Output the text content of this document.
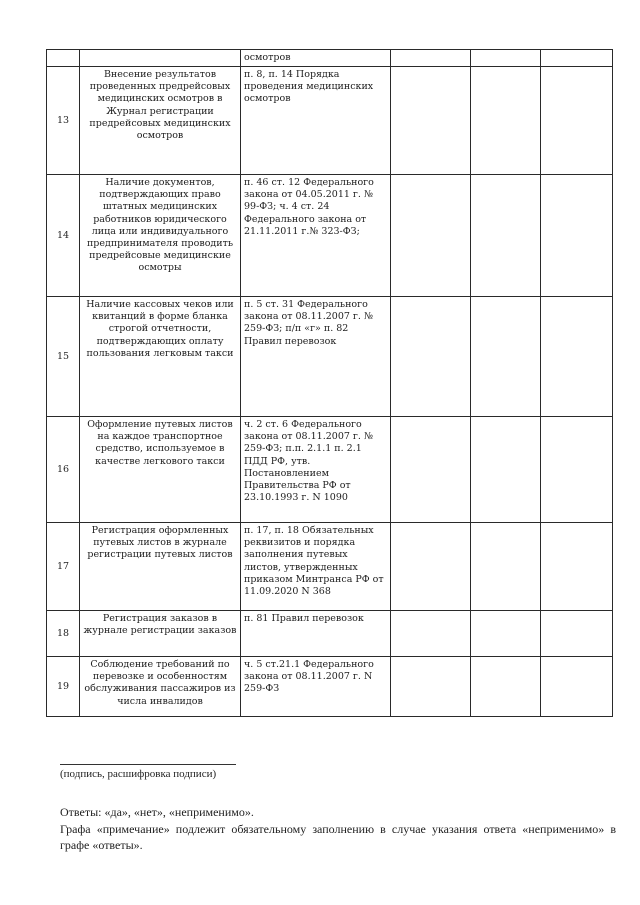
		осмотров			
13	Внесение результатов проведенных предрейсовых медицинских осмотров в Журнал регистрации предрейсовых медицинских осмотров	п. 8, п. 14 Порядка проведения медицинских осмотров			
14	Наличие документов, подтверждающих право штатных медицинских работников юридического лица или индивидуального предпринимателя проводить предрейсовые медицинские осмотры	п. 46 ст. 12 Федерального закона от 04.05.2011 г. № 99-ФЗ; ч. 4 ст. 24 Федерального закона от 21.11.2011 г.№ 323-ФЗ;			
15	Наличие кассовых чеков или квитанций в форме бланка строгой отчетности, подтверждающих оплату пользования легковым такси	п. 5 ст. 31 Федерального закона от 08.11.2007 г. № 259-ФЗ; п/п «г» п. 82 Правил перевозок			
16	Оформление путевых листов на каждое транспортное средство, используемое в качестве легкового такси	ч. 2 ст. 6 Федерального закона от 08.11.2007 г. № 259-ФЗ; п.п. 2.1.1 п. 2.1 ПДД РФ, утв. Постановлением Правительства РФ от 23.10.1993 г. N 1090			
17	Регистрация оформленных путевых листов в журнале регистрации путевых листов	п. 17, п. 18 Обязательных реквизитов и порядка заполнения путевых листов, утвержденных приказом Минтранса РФ от 11.09.2020 N 368			
18	Регистрация заказов в журнале регистрации заказов	п. 81 Правил перевозок			
19	Соблюдение требований по перевозке и особенностям обслуживания пассажиров из числа инвалидов	ч. 5 ст.21.1 Федерального закона от 08.11.2007 г. N 259-ФЗ			
(подпись, расшифровка подписи)
Ответы: «да», «нет», «неприменимо».
Графа «примечание» подлежит обязательному заполнению в случае указания ответа «неприменимо» в графе «ответы».
